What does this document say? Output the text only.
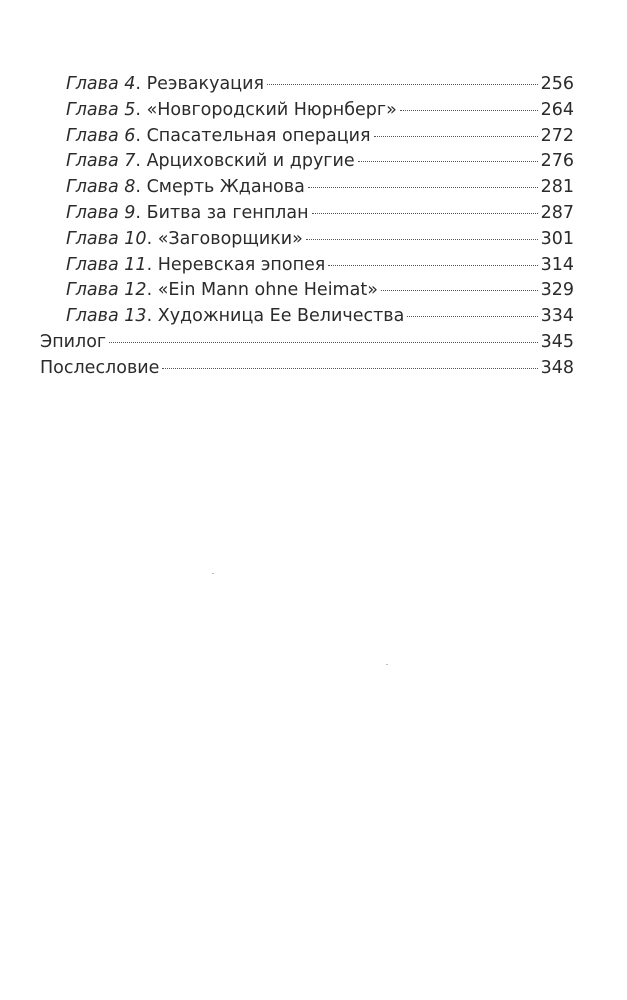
Глава 4. Реэвакуация	256
Глава 5. «Новгородский Нюрнберг»	264
Глава 6. Спасательная операция	272
Глава 7. Арциховский и другие	276
Глава 8. Смерть Жданова	281
Глава 9. Битва за генплан	287
Глава 10. «Заговорщики»	301
Глава 11. Неревская эпопея	314
Глава 12. «Ein Mann ohne Heimat»	329
Глава 13. Художница Ее Величества	334
Эпилог	345
Послесловие	348
